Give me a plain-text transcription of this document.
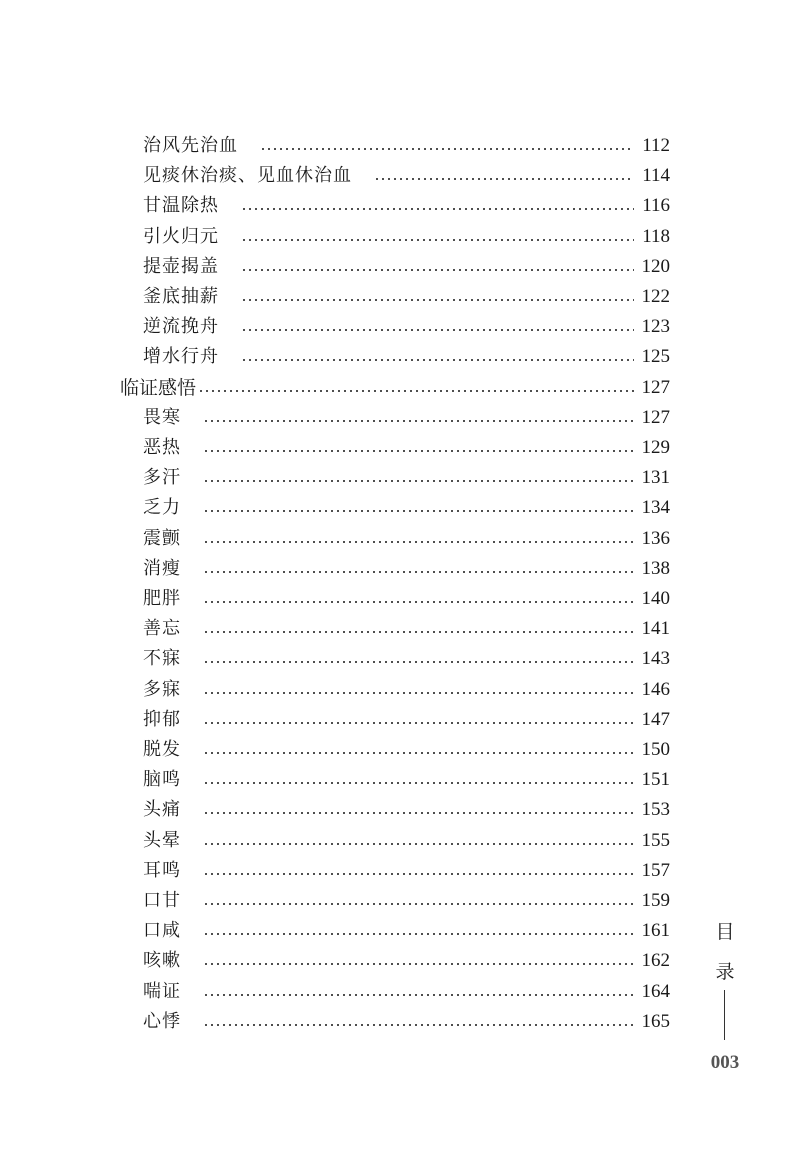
治风先治血	112
见痰休治痰、见血休治血	114
甘温除热	116
引火归元	118
提壶揭盖	120
釜底抽薪	122
逆流挽舟	123
增水行舟	125
临证感悟	127
畏寒	127
恶热	129
多汗	131
乏力	134
震颤	136
消瘦	138
肥胖	140
善忘	141
不寐	143
多寐	146
抑郁	147
脱发	150
脑鸣	151
头痛	153
头晕	155
耳鸣	157
口甘	159
口咸	161
咳嗽	162
喘证	164
心悸	165
目
录
003
